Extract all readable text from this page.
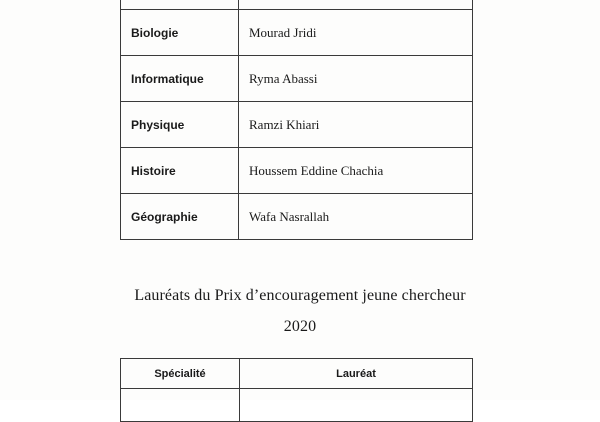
Biologie	Mourad Jridi
Informatique	Ryma Abassi
Physique	Ramzi Khiari
Histoire	Houssem Eddine Chachia
Géographie	Wafa Nasrallah
Lauréats du Prix d’encouragement jeune chercheur
2020
Spécialité	Lauréat
